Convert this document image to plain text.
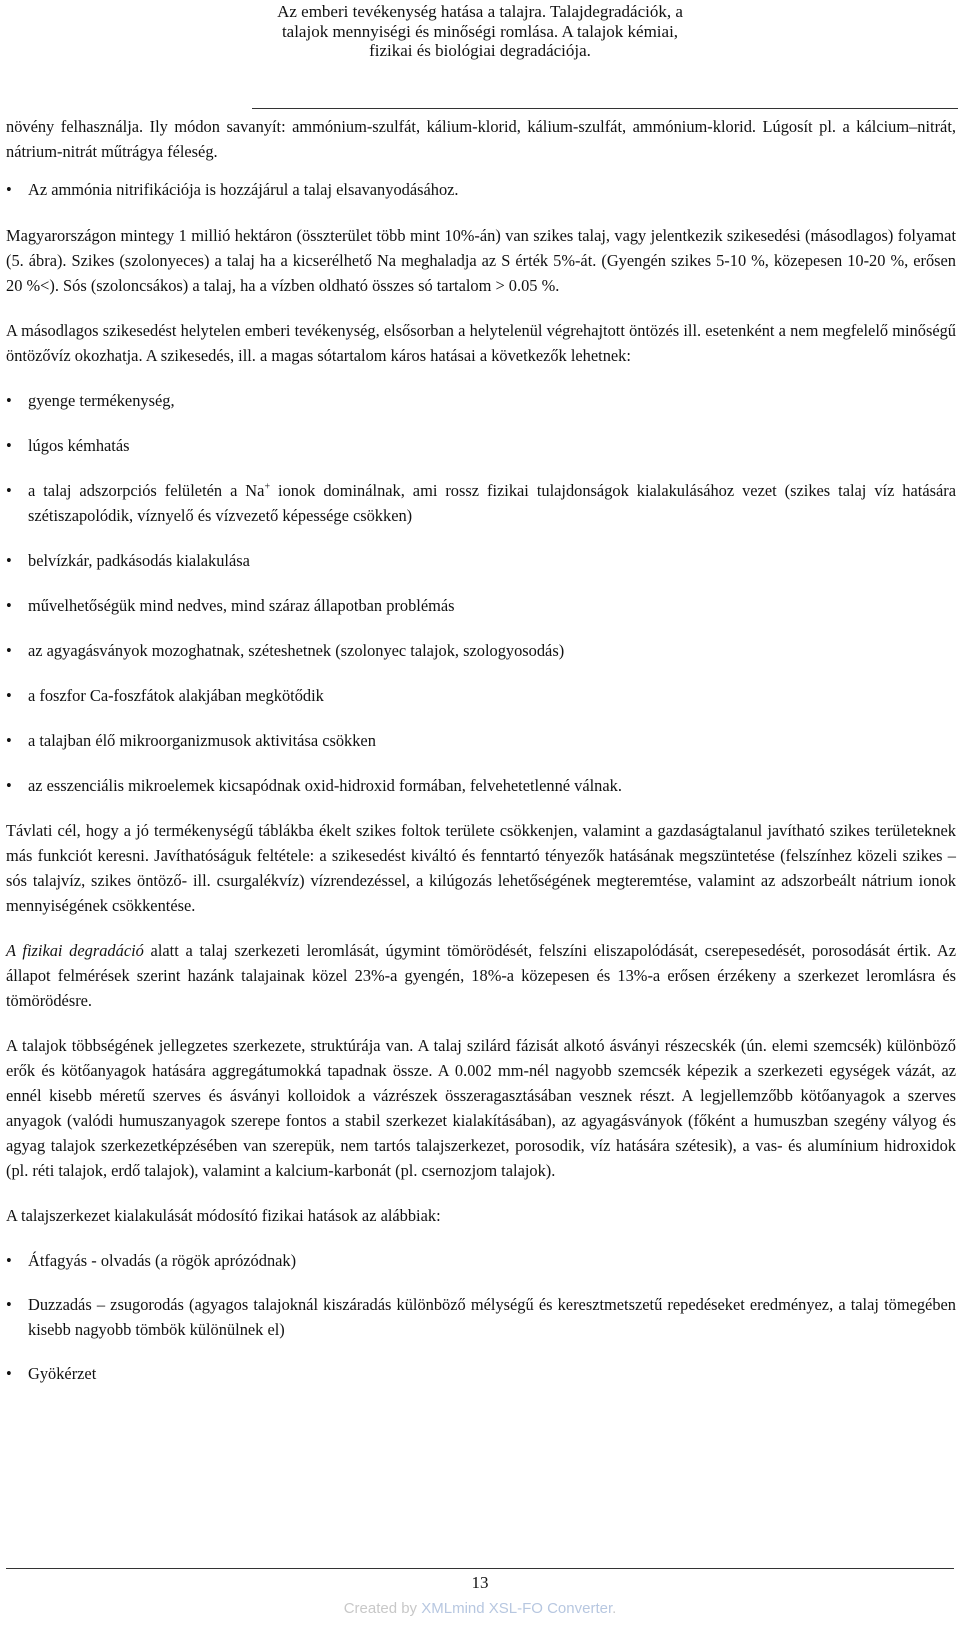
Az emberi tevékenység hatása a talajra. Talajdegradációk, a talajok mennyiségi és minőségi romlása. A talajok kémiai, fizikai és biológiai degradációja.

növény felhasználja. Ily módon savanyít: ammónium-szulfát, kálium-klorid, kálium-szulfát, ammónium-klorid. Lúgosít pl. a kálcium–nitrát, nátrium-nitrát műtrágya féleség.

• Az ammónia nitrifikációja is hozzájárul a talaj elsavanyodásához.

Magyarországon mintegy 1 millió hektáron (összterület több mint 10%-án) van szikes talaj, vagy jelentkezik szikesedési (másodlagos) folyamat (5. ábra). Szikes (szolonyeces) a talaj ha a kicserélhető Na meghaladja az S érték 5%-át. (Gyengén szikes 5-10 %, közepesen 10-20 %, erősen 20 %<). Sós (szoloncsákos) a talaj, ha a vízben oldható összes só tartalom > 0.05 %.

A másodlagos szikesedést helytelen emberi tevékenység, elsősorban a helytelenül végrehajtott öntözés ill. esetenként a nem megfelelő minőségű öntözővíz okozhatja. A szikesedés, ill. a magas sótartalom káros hatásai a következők lehetnek:

• gyenge termékenység,
• lúgos kémhatás
• a talaj adszorpciós felületén a Na+ ionok dominálnak, ami rossz fizikai tulajdonságok kialakulásához vezet (szikes talaj víz hatására szétiszapolódik, víznyelő és vízvezető képessége csökken)
• belvízkár, padkásodás kialakulása
• művelhetőségük mind nedves, mind száraz állapotban problémás
• az agyagásványok mozoghatnak, széteshetnek (szolonyec talajok, szologyosodás)
• a foszfor Ca-foszfátok alakjában megkötődik
• a talajban élő mikroorganizmusok aktivitása csökken
• az esszenciális mikroelemek kicsapódnak oxid-hidroxid formában, felvehetetlenné válnak.

Távlati cél, hogy a jó termékenységű táblákba ékelt szikes foltok területe csökkenjen, valamint a gazdaságtalanul javítható szikes területeknek más funkciót keresni. Javíthatóságuk feltétele: a szikesedést kiváltó és fenntartó tényezők hatásának megszüntetése (felszínhez közeli szikes – sós talajvíz, szikes öntöző- ill. csurgalékvíz) vízrendezéssel, a kilúgozás lehetőségének megteremtése, valamint az adszorbeált nátrium ionok mennyiségének csökkentése.

A fizikai degradáció alatt a talaj szerkezeti leromlását, úgymint tömörödését, felszíni eliszapolódását, cserepesedését, porosodását értik. Az állapot felmérések szerint hazánk talajainak közel 23%-a gyengén, 18%-a közepesen és 13%-a erősen érzékeny a szerkezet leromlásra és tömörödésre.

A talajok többségének jellegzetes szerkezete, struktúrája van. A talaj szilárd fázisát alkotó ásványi részecskék (ún. elemi szemcsék) különböző erők és kötőanyagok hatására aggregátumokká tapadnak össze. A 0.002 mm-nél nagyobb szemcsék képezik a szerkezeti egységek vázát, az ennél kisebb méretű szerves és ásványi kolloidok a vázrészek összeragasztásában vesznek részt. A legjellemzőbb kötőanyagok a szerves anyagok (valódi humuszanyagok szerepe fontos a stabil szerkezet kialakításában), az agyagásványok (főként a humuszban szegény vályog és agyag talajok szerkezetképzésében van szerepük, nem tartós talajszerkezet, porosodik, víz hatására szétesik), a vas- és alumínium hidroxidok (pl. réti talajok, erdő talajok), valamint a kalcium-karbonát (pl. csernozjom talajok).

A talajszerkezet kialakulását módosító fizikai hatások az alábbiak:

• Átfagyás - olvadás (a rögök aprózódnak)
• Duzzadás – zsugorodás (agyagos talajoknál kiszáradás különböző mélységű és keresztmetszetű repedéseket eredményez, a talaj tömegében kisebb nagyobb tömbök különülnek el)
• Gyökérzet
13
Created by XMLmind XSL-FO Converter.
